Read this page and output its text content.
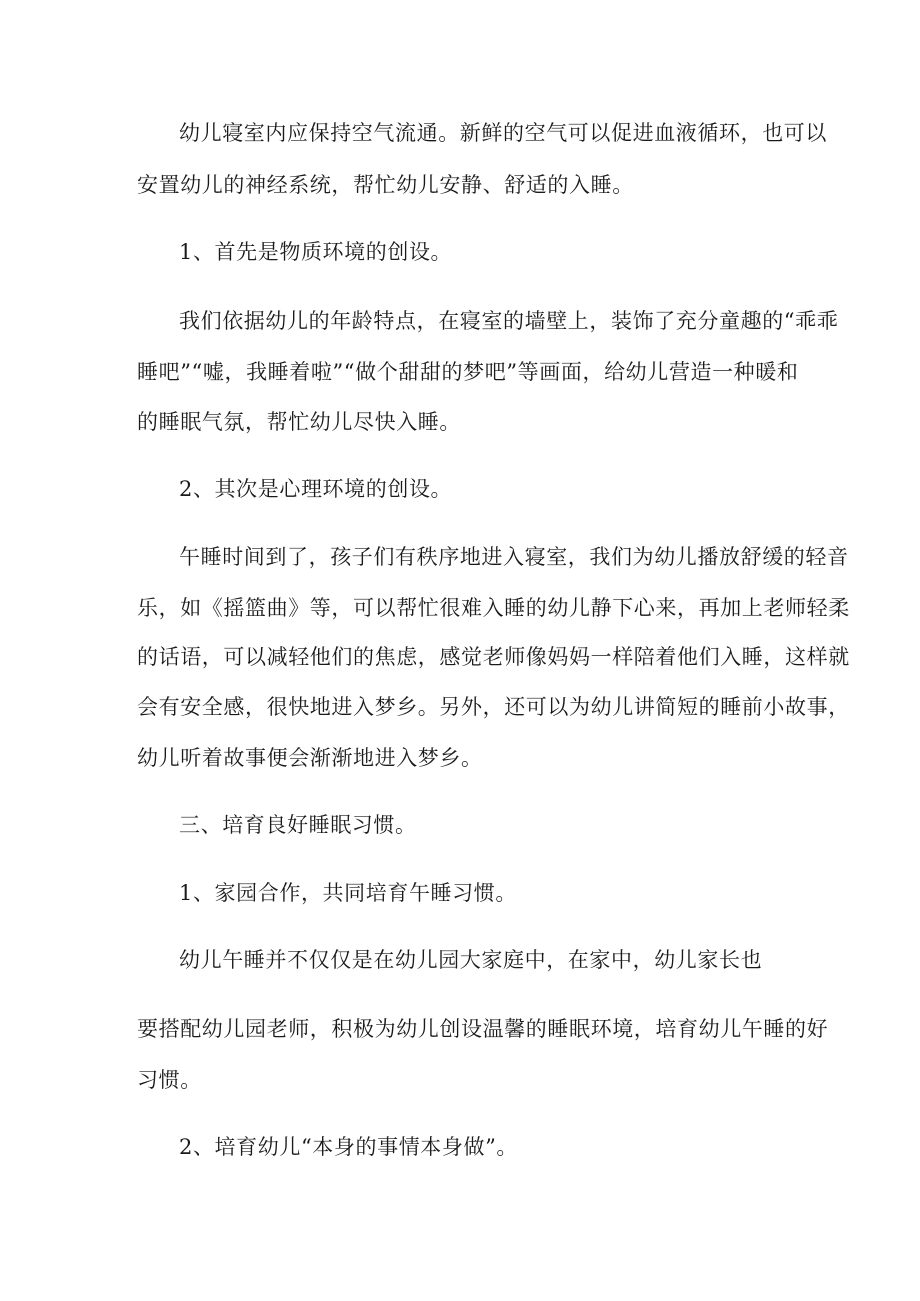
幼儿寝室内应保持空气流通。新鲜的空气可以促进血液循环，也可以
安置幼儿的神经系统，帮忙幼儿安静、舒适的入睡。
1、首先是物质环境的创设。
我们依据幼儿的年龄特点，在寝室的墙壁上，装饰了充分童趣的“乖乖
睡吧”“嘘，我睡着啦”“做个甜甜的梦吧”等画面，给幼儿营造一种暖和
的睡眠气氛，帮忙幼儿尽快入睡。
2、其次是心理环境的创设。
午睡时间到了，孩子们有秩序地进入寝室，我们为幼儿播放舒缓的轻音
乐，如《摇篮曲》等，可以帮忙很难入睡的幼儿静下心来，再加上老师轻柔
的话语，可以减轻他们的焦虑，感觉老师像妈妈一样陪着他们入睡，这样就
会有安全感，很快地进入梦乡。另外，还可以为幼儿讲简短的睡前小故事，
幼儿听着故事便会渐渐地进入梦乡。
三、培育良好睡眠习惯。
1、家园合作，共同培育午睡习惯。
幼儿午睡并不仅仅是在幼儿园大家庭中，在家中，幼儿家长也
要搭配幼儿园老师，积极为幼儿创设温馨的睡眠环境，培育幼儿午睡的好
习惯。
2、培育幼儿“本身的事情本身做”。
